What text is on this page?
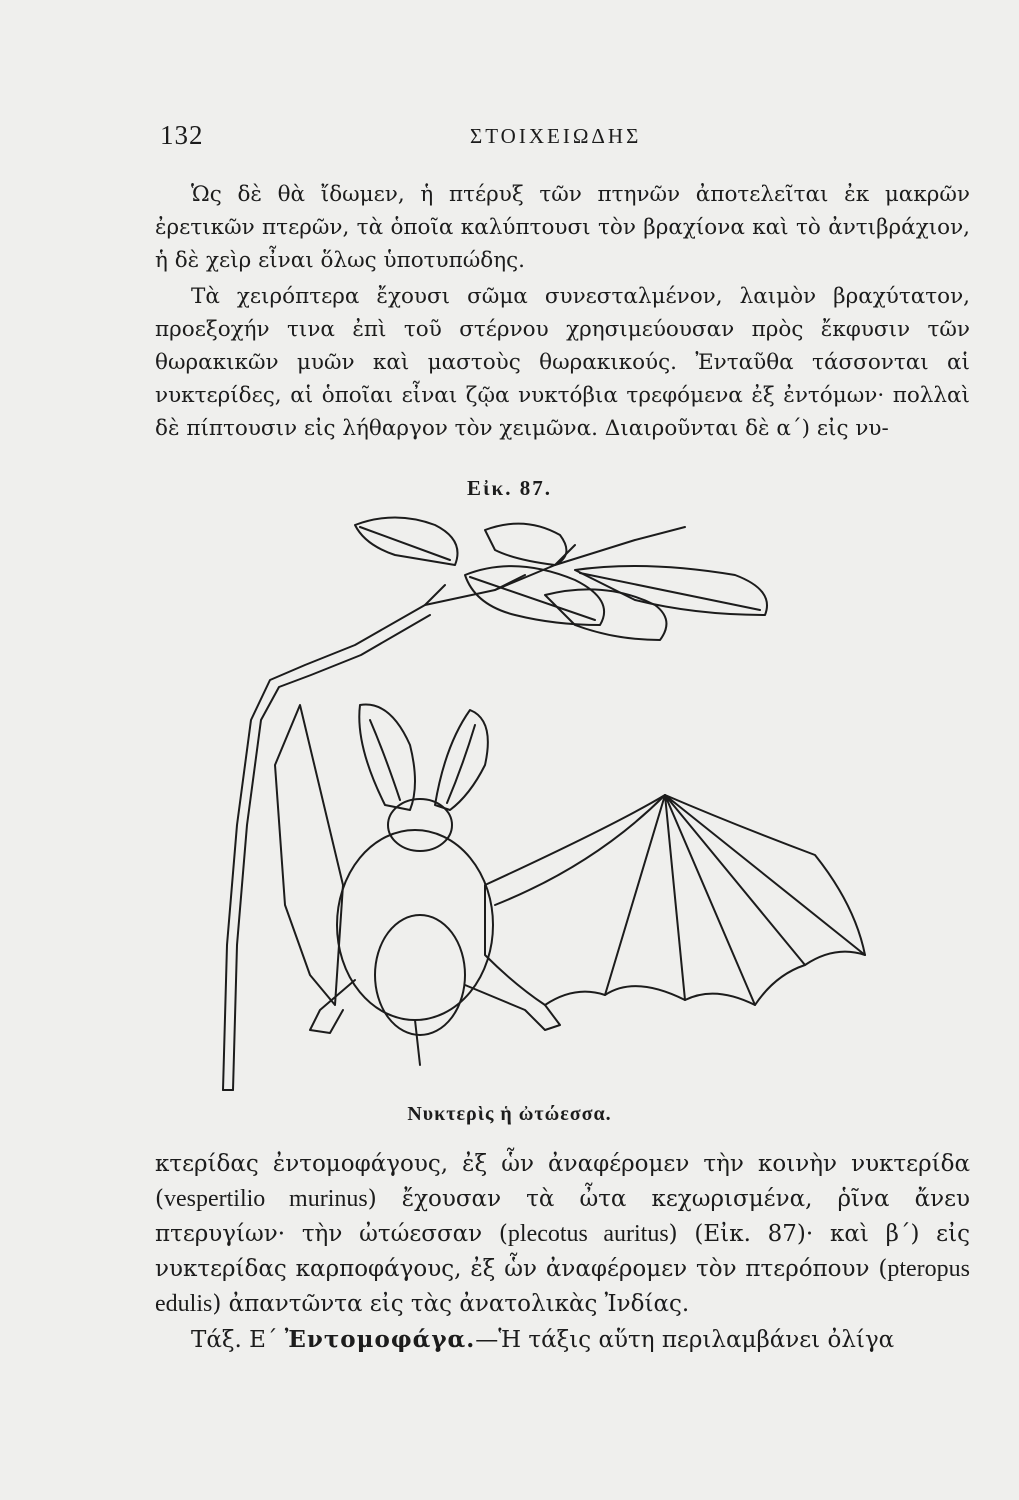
132	ΣΤΟΙΧΕΙΩΔΗΣ

Ὡς δὲ θὰ ἴδωμεν, ἡ πτέρυξ τῶν πτηνῶν ἀποτελεῖται ἐκ μακρῶν ἐρετικῶν πτερῶν, τὰ ὁποῖα καλύπτουσι τὸν βραχίονα καὶ τὸ ἀντιβράχιον, ἡ δὲ χεὶρ εἶναι ὅλως ὑποτυπώδης.

Τὰ χειρόπτερα ἔχουσι σῶμα συνεσταλμένον, λαιμὸν βραχύτατον, προεξοχήν τινα ἐπὶ τοῦ στέρνου χρησιμεύουσαν πρὸς ἔκφυσιν τῶν θωρακικῶν μυῶν καὶ μαστοὺς θωρακικούς. Ἐνταῦθα τάσσονται αἱ νυκτερίδες, αἱ ὁποῖαι εἶναι ζῷα νυκτόβια τρεφόμενα ἐξ ἐντόμων· πολλαὶ δὲ πίπτουσιν εἰς λήθαργον τὸν χειμῶνα. Διαιροῦνται δὲ α΄) εἰς νυ-

Εἰκ. 87.
Νυκτερὶς ἡ ὠτώεσσα.

κτερίδας ἐντομοφάγους, ἐξ ὧν ἀναφέρομεν τὴν κοινὴν νυκτερίδα (vespertilio murinus) ἔχουσαν τὰ ὦτα κεχωρισμένα, ῥῖνα ἄνευ πτερυγίων· τὴν ὠτώεσσαν (plecotus auritus) (Εἰκ. 87)· καὶ β΄) εἰς νυκτερίδας καρποφάγους, ἐξ ὧν ἀναφέρομεν τὸν πτερόπουν (pteropus edulis) ἀπαντῶντα εἰς τὰς ἀνατολικὰς Ἰνδίας.

Τάξ. Ε΄ Ἐντομοφάγα.—Ἡ τάξις αὕτη περιλαμβάνει ὀλίγα
